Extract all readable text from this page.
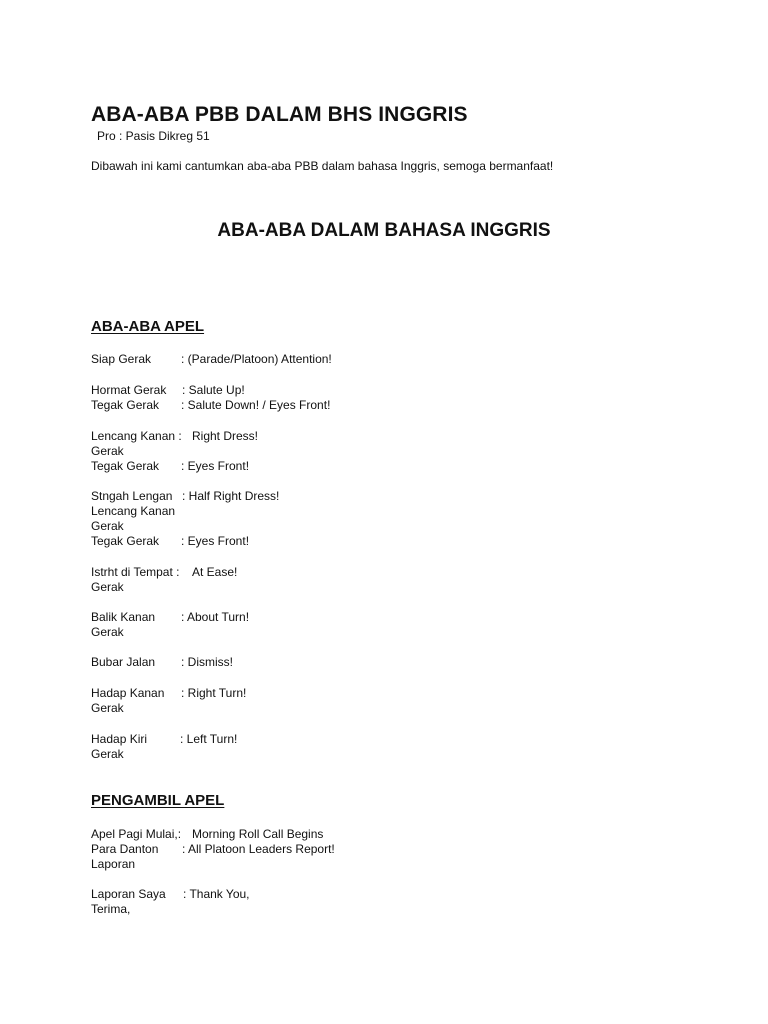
ABA-ABA PBB DALAM BHS INGGRIS
Pro : Pasis Dikreg 51
Dibawah ini kami cantumkan aba-aba PBB dalam bahasa Inggris, semoga bermanfaat!
ABA-ABA DALAM BAHASA INGGRIS
ABA-ABA APEL
Siap Gerak : (Parade/Platoon) Attention!
Hormat Gerak : Salute Up!
Tegak Gerak : Salute Down! / Eyes Front!
Lencang Kanan : Right Dress!
Gerak
Tegak Gerak : Eyes Front!
Stngah Lengan : Half Right Dress!
Lencang Kanan
Gerak
Tegak Gerak : Eyes Front!
Istrht di Tempat : At Ease!
Gerak
Balik Kanan : About Turn!
Gerak
Bubar Jalan : Dismiss!
Hadap Kanan : Right Turn!
Gerak
Hadap Kiri	: Left Turn!
Gerak
PENGAMBIL APEL
Apel Pagi Mulai,: Morning Roll Call Begins
Para Danton : All Platoon Leaders Report!
Laporan
Laporan Saya : Thank You,
Terima,
